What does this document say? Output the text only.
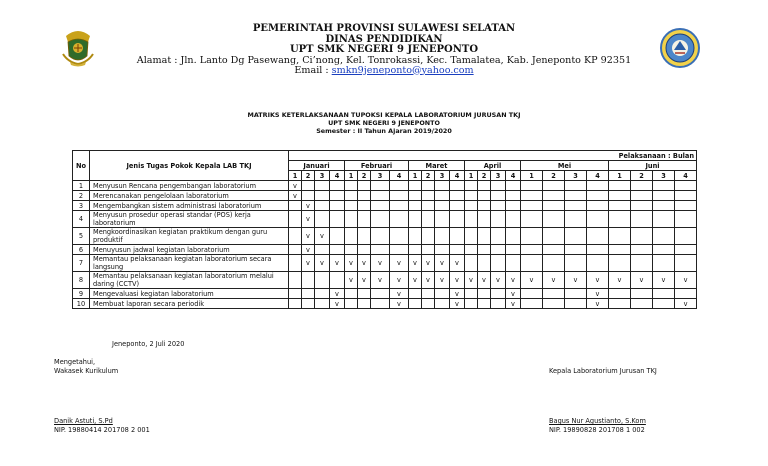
PEMERINTAH PROVINSI SULAWESI SELATAN
DINAS PENDIDIKAN
UPT SMK NEGERI 9 JENEPONTO
Alamat : Jln. Lanto Dg Pasewang, Ci’nong, Kel. Tonrokassi, Kec. Tamalatea, Kab. Jeneponto KP 92351
Email : smkn9jeneponto@yahoo.com
MATRIKS KETERLAKSANAAN TUPOKSI KEPALA LABORATORIUM JURUSAN TKJ
UPT SMK NEGERI 9 JENEPONTO
Semester : II Tahun Ajaran 2019/2020
No	Jenis Tugas Pokok Kepala LAB TKJ	Pelaksanaan : Bulan																							
		Januari				Februari				Maret				April				Mei				Juni			
		1	2	3	4	1	2	3	4	1	2	3	4	1	2	3	4	1	2	3	4	1	2	3	4
1	Menyusun Rencana pengembangan laboratorium	v																							
2	Merencanakan pengelolaan laboratorium	v																							
3	Mengembangkan sistem administrasi laboratorium		v																						
4	Menyusun prosedur operasi standar (POS) kerja laboratorium		v																						
5	Mengkoordinasikan kegiatan praktikum dengan guru produktif		v	v																					
6	Menuyusun jadwal kegiatan laboratorium		v																						
7	Memantau pelaksanaan kegiatan laboratorium secara langsung		v	v	v	v	v	v	v	v	v	v	v												
8	Memantau pelaksanaan kegiatan laboratorium melalui daring (CCTV)					v	v	v	v	v	v	v	v	v	v	v	v	v	v	v	v	v	v	v	v
9	Mengevaluasi kegiatan laboratorium				v				v				v				v				v				
10	Membuat laporan secara periodik				v				v				v				v				v				v
Jeneponto, 2 Juli 2020
Mengetahui,
Wakasek Kurikulum	Kepala Laboratorium Jurusan TKJ
Danik Astuti, S.Pd
NIP. 19880414 201708 2 001
Bagus Nur Agustianto, S.Kom
NIP. 19890828 201708 1 002
